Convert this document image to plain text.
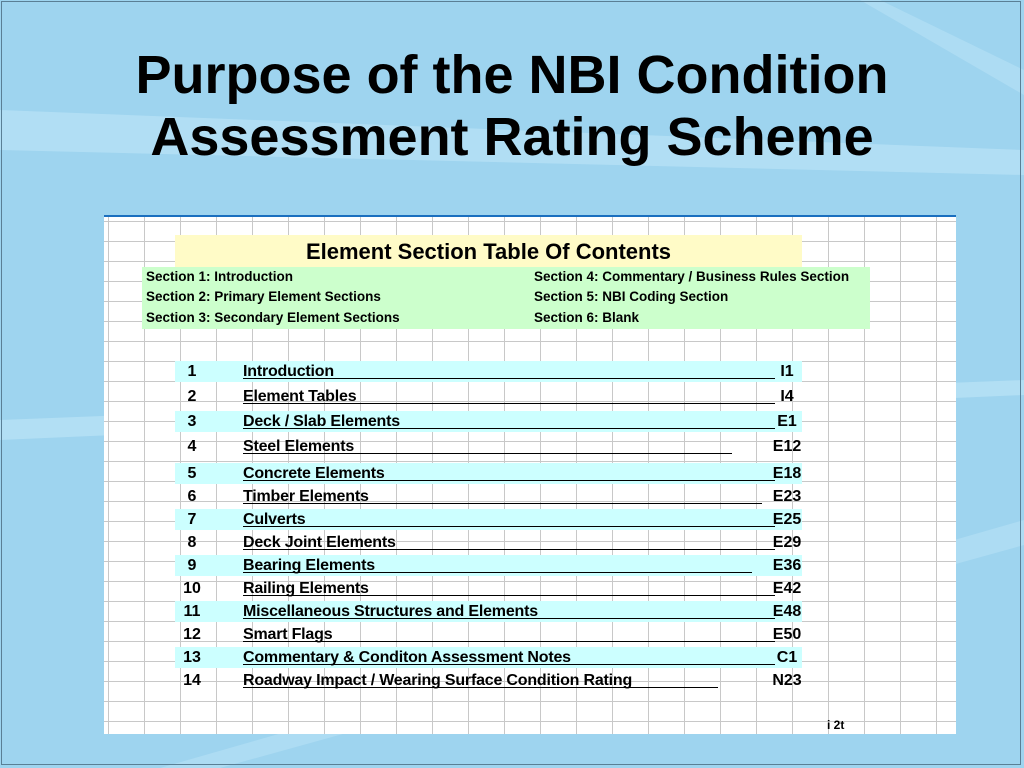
Purpose of the NBI Condition
Assessment Rating Scheme
Element Section Table Of Contents
Section 1: Introduction
Section 2: Primary Element Sections
Section 3: Secondary Element Sections
Section 4: Commentary / Business Rules Section
Section 5: NBI Coding Section
Section 6: Blank
1	Introduction	I1
2	Element Tables	I4
3	Deck / Slab Elements	E1
4	Steel Elements	E12
5	Concrete Elements	E18
6	Timber Elements	E23
7	Culverts	E25
8	Deck Joint Elements	E29
9	Bearing Elements	E36
10	Railing Elements	E42
11	Miscellaneous Structures and Elements	E48
12	Smart Flags	E50
13	Commentary & Conditon Assessment Notes	C1
14	Roadway Impact / Wearing Surface Condition Rating	N23
i 2t
